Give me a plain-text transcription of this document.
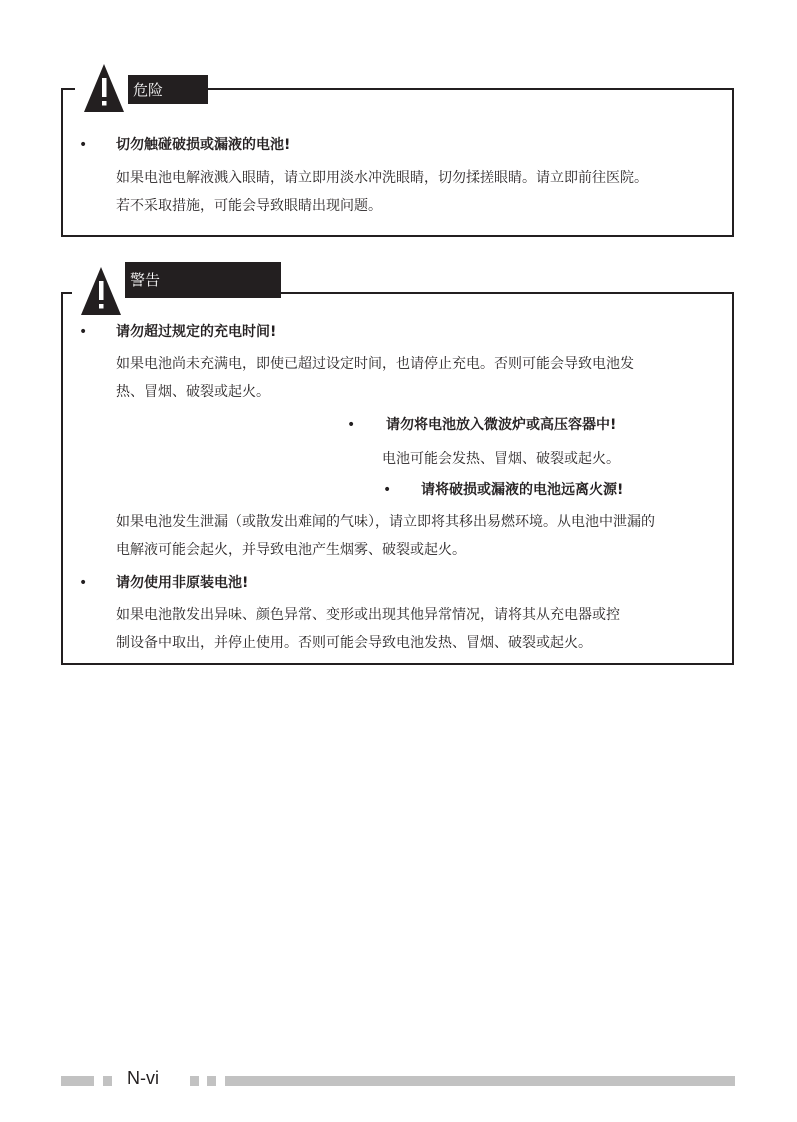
危险
• 切勿触碰破损或漏液的电池!
如果电池电解液溅入眼睛，请立即用淡水冲洗眼睛，切勿揉搓眼睛。请立即前往医院。
若不采取措施，可能会导致眼睛出现问题。
警告
• 请勿超过规定的充电时间!
如果电池尚未充满电，即使已超过设定时间，也请停止充电。否则可能会导致电池发
热、冒烟、破裂或起火。
• 请勿将电池放入微波炉或高压容器中!
电池可能会发热、冒烟、破裂或起火。
• 请将破损或漏液的电池远离火源!
如果电池发生泄漏（或散发出难闻的气味），请立即将其移出易燃环境。从电池中泄漏的
电解液可能会起火，并导致电池产生烟雾、破裂或起火。
• 请勿使用非原装电池!
如果电池散发出异味、颜色异常、变形或出现其他异常情况，请将其从充电器或控
制设备中取出，并停止使用。否则可能会导致电池发热、冒烟、破裂或起火。
N-vi
